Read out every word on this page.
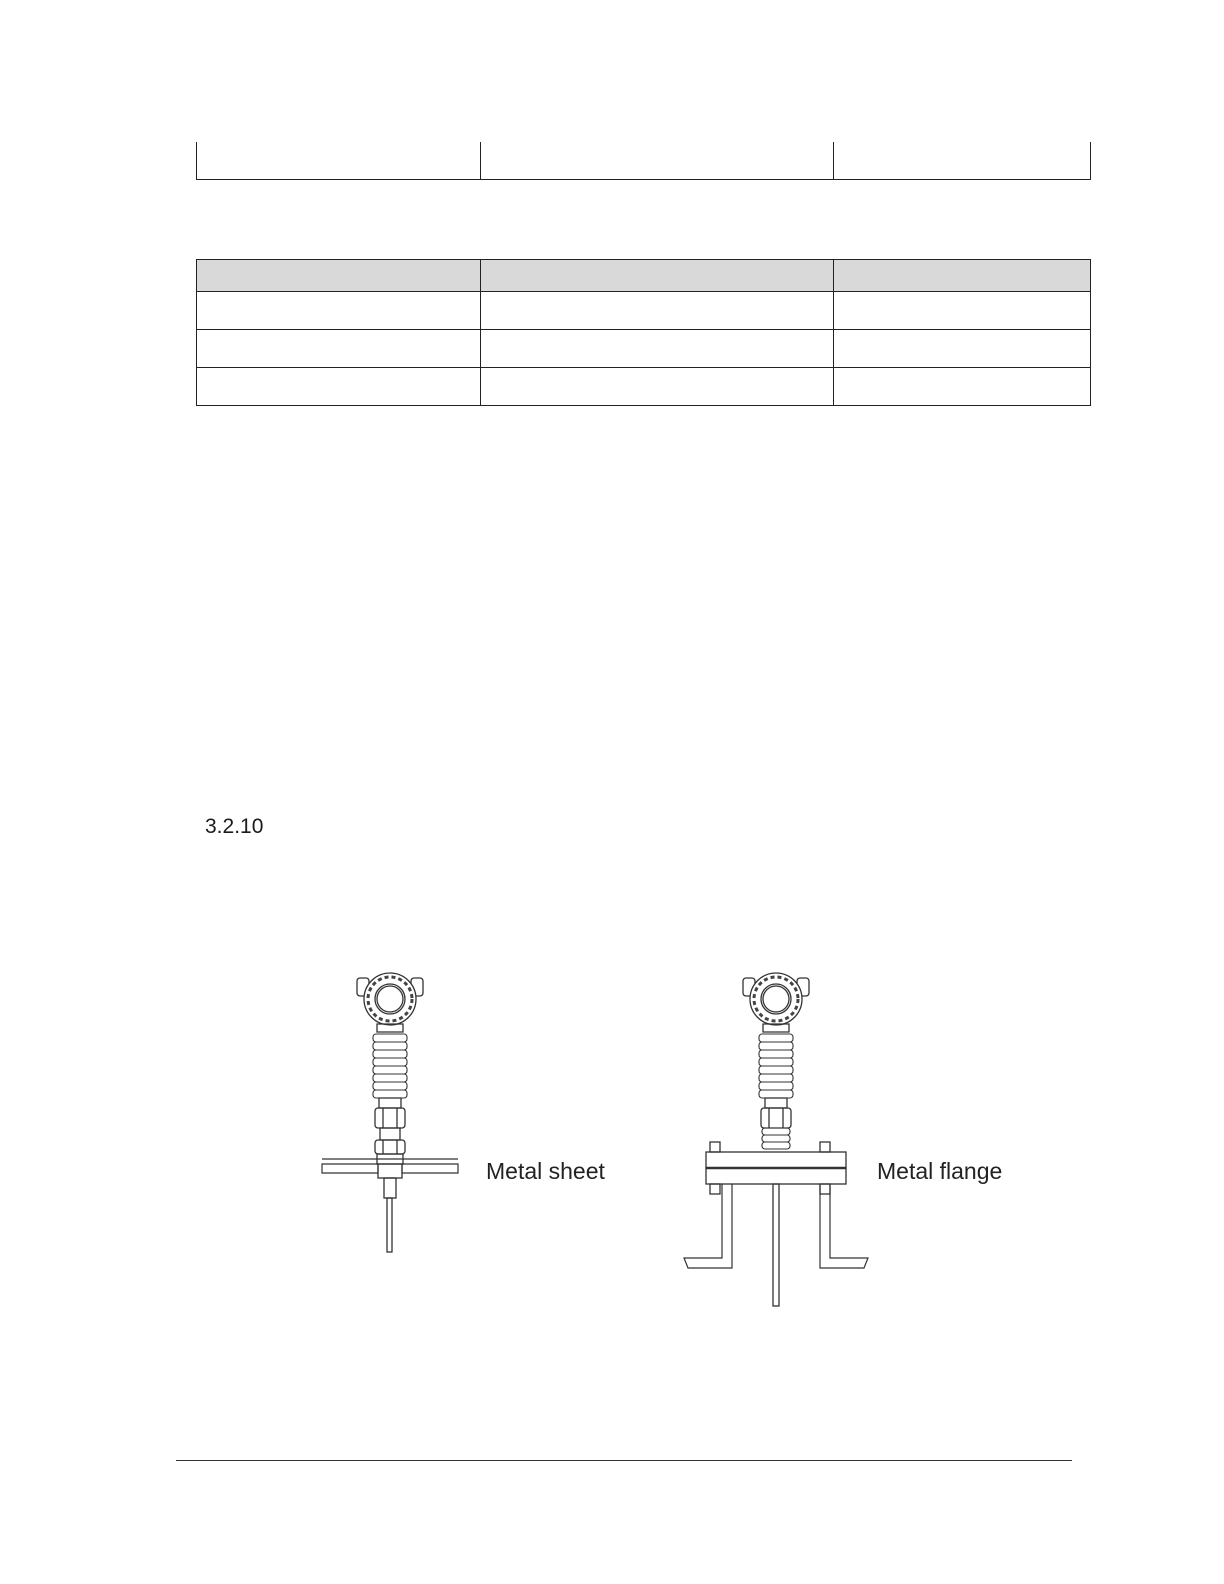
3.2.10
Metal sheet	Metal flange
